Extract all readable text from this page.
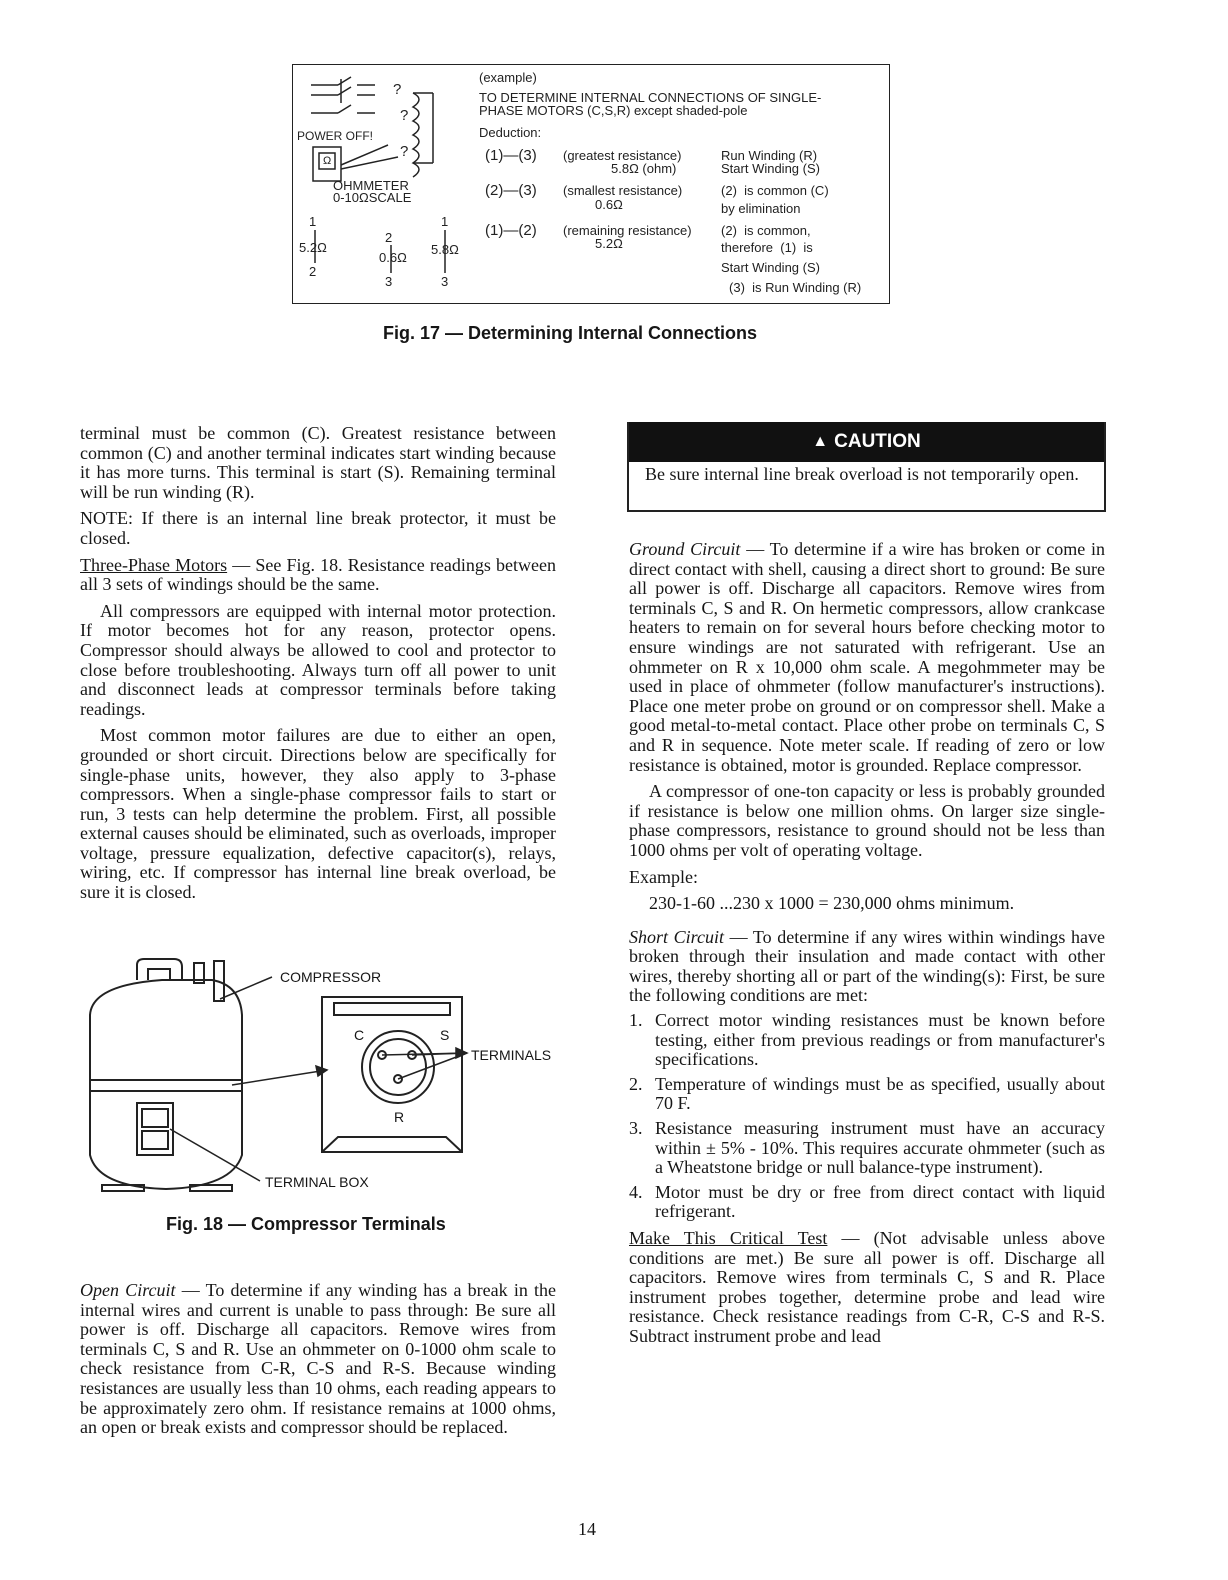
?
?
?
POWER OFF!
Ω
OHMMETER
0-10ΩSCALE
1
5.2Ω
2
2
0.6Ω
3
1
5.8Ω
3
(example)
TO DETERMINE INTERNAL CONNECTIONS OF SINGLE-
PHASE MOTORS (C,S,R) except shaded-pole
Deduction:
(1)—(3) (greatest resistance)
5.8Ω (ohm)
Run Winding (R)
Start Winding (S)
(2)—(3) (smallest resistance)
0.6Ω
(2)  is common (C)
by elimination
(1)—(2) (remaining resistance)
5.2Ω
(2)  is common,
therefore  (1)  is
Start Winding (S)
(3)  is Run Winding (R)
Fig. 17 — Determining Internal Connections

terminal must be common (C). Greatest resistance between common (C) and another terminal indicates start winding because it has more turns. This terminal is start (S). Remaining terminal will be run winding (R).

NOTE: If there is an internal line break protector, it must be closed.

Three-Phase Motors — See Fig. 18. Resistance readings between all 3 sets of windings should be the same.

All compressors are equipped with internal motor protection. If motor becomes hot for any reason, protector opens. Compressor should always be allowed to cool and protector to close before troubleshooting. Always turn off all power to unit and disconnect leads at compressor terminals before taking readings.

Most common motor failures are due to either an open, grounded or short circuit. Directions below are specifically for single-phase units, however, they also apply to 3-phase compressors. When a single-phase compressor fails to start or run, 3 tests can help determine the problem. First, all possible external causes should be eliminated, such as overloads, improper voltage, pressure equalization, defective capacitor(s), relays, wiring, etc. If compressor has internal line break overload, be sure it is closed.

COMPRESSOR
C	S
R
TERMINALS
TERMINAL BOX
Fig. 18 — Compressor Terminals

Open Circuit — To determine if any winding has a break in the internal wires and current is unable to pass through: Be sure all power is off. Discharge all capacitors. Remove wires from terminals C, S and R. Use an ohmmeter on 0-1000 ohm scale to check resistance from C-R, C-S and R-S. Because winding resistances are usually less than 10 ohms, each reading appears to be approximately zero ohm. If resistance remains at 1000 ohms, an open or break exists and compressor should be replaced.

▲ CAUTION
Be sure internal line break overload is not temporarily open.

Ground Circuit — To determine if a wire has broken or come in direct contact with shell, causing a direct short to ground: Be sure all power is off. Discharge all capacitors. Remove wires from terminals C, S and R. On hermetic compressors, allow crankcase heaters to remain on for several hours before checking motor to ensure windings are not saturated with refrigerant. Use an ohmmeter on R x 10,000 ohm scale. A megohmmeter may be used in place of ohmmeter (follow manufacturer's instructions). Place one meter probe on ground or on compressor shell. Make a good metal-to-metal contact. Place other probe on terminals C, S and R in sequence. Note meter scale. If reading of zero or low resistance is obtained, motor is grounded. Replace compressor.

A compressor of one-ton capacity or less is probably grounded if resistance is below one million ohms. On larger size single-phase compressors, resistance to ground should not be less than 1000 ohms per volt of operating voltage.

Example:

230-1-60 ...230 x 1000 = 230,000 ohms minimum.

Short Circuit — To determine if any wires within windings have broken through their insulation and made contact with other wires, thereby shorting all or part of the winding(s): First, be sure the following conditions are met:

1. Correct motor winding resistances must be known before testing, either from previous readings or from manufacturer's specifications.
2. Temperature of windings must be as specified, usually about 70 F.
3. Resistance measuring instrument must have an accuracy within ± 5% - 10%. This requires accurate ohmmeter (such as a Wheatstone bridge or null balance-type instrument).
4. Motor must be dry or free from direct contact with liquid refrigerant.

Make This Critical Test — (Not advisable unless above conditions are met.) Be sure all power is off. Discharge all capacitors. Remove wires from terminals C, S and R. Place instrument probes together, determine probe and lead wire resistance. Check resistance readings from C-R, C-S and R-S. Subtract instrument probe and lead

14
